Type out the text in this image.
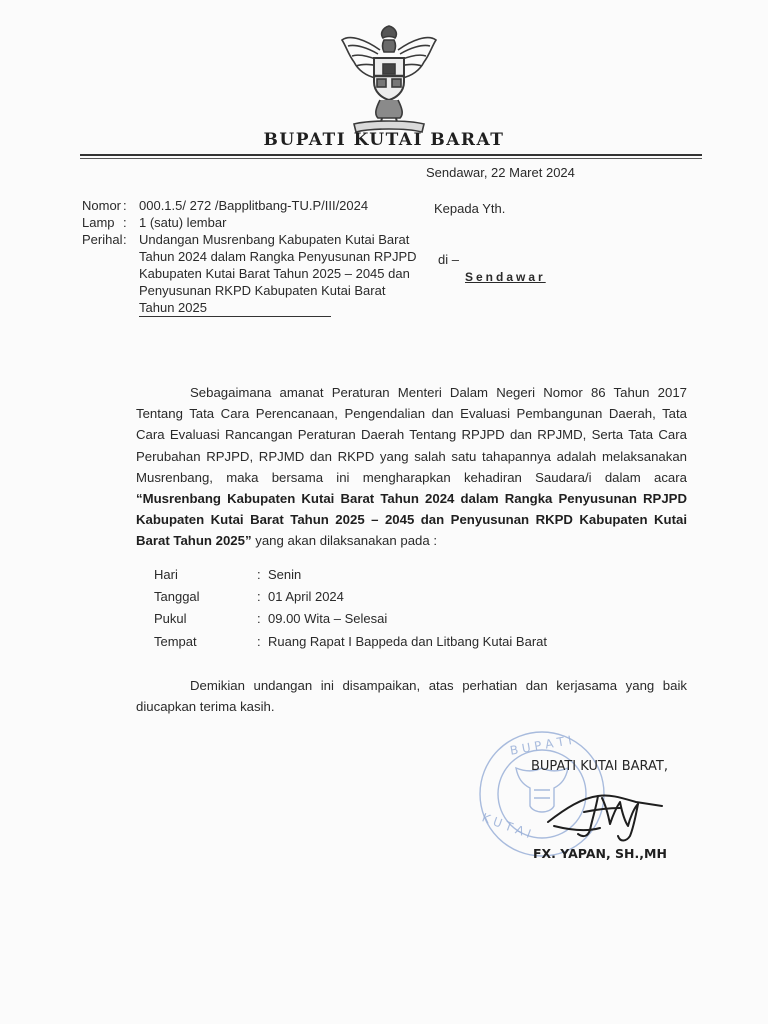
BUPATI KUTAI BARAT
Sendawar, 22 Maret 2024
Nomor : 000.1.5/ 272 /Bapplitbang-TU.P/III/2024
Lamp : 1 (satu) lembar
Perihal : Undangan Musrenbang Kabupaten Kutai Barat
Tahun 2024 dalam Rangka Penyusunan RPJPD
Kabupaten Kutai Barat Tahun 2025 – 2045 dan
Penyusunan RKPD Kabupaten Kutai Barat
Tahun 2025
Kepada Yth.
di –
Sendawar
Sebagaimana amanat Peraturan Menteri Dalam Negeri Nomor 86 Tahun 2017 Tentang Tata Cara Perencanaan, Pengendalian dan Evaluasi Pembangunan Daerah, Tata Cara Evaluasi Rancangan Peraturan Daerah Tentang RPJPD dan RPJMD, Serta Tata Cara Perubahan RPJPD, RPJMD dan RKPD yang salah satu tahapannya adalah melaksanakan Musrenbang, maka bersama ini mengharapkan kehadiran Saudara/i dalam acara “Musrenbang Kabupaten Kutai Barat Tahun 2024 dalam Rangka Penyusunan RPJPD Kabupaten Kutai Barat Tahun 2025 – 2045 dan Penyusunan RKPD Kabupaten Kutai Barat Tahun 2025” yang akan dilaksanakan pada :
Hari	: Senin
Tanggal	: 01 April 2024
Pukul	: 09.00 Wita – Selesai
Tempat	: Ruang Rapat I Bappeda dan Litbang Kutai Barat
Demikian undangan ini disampaikan, atas perhatian dan kerjasama yang baik diucapkan terima kasih.
B U P A T I
K U T A I
BUPATI KUTAI BARAT,
FX. YAPAN, SH.,MH
